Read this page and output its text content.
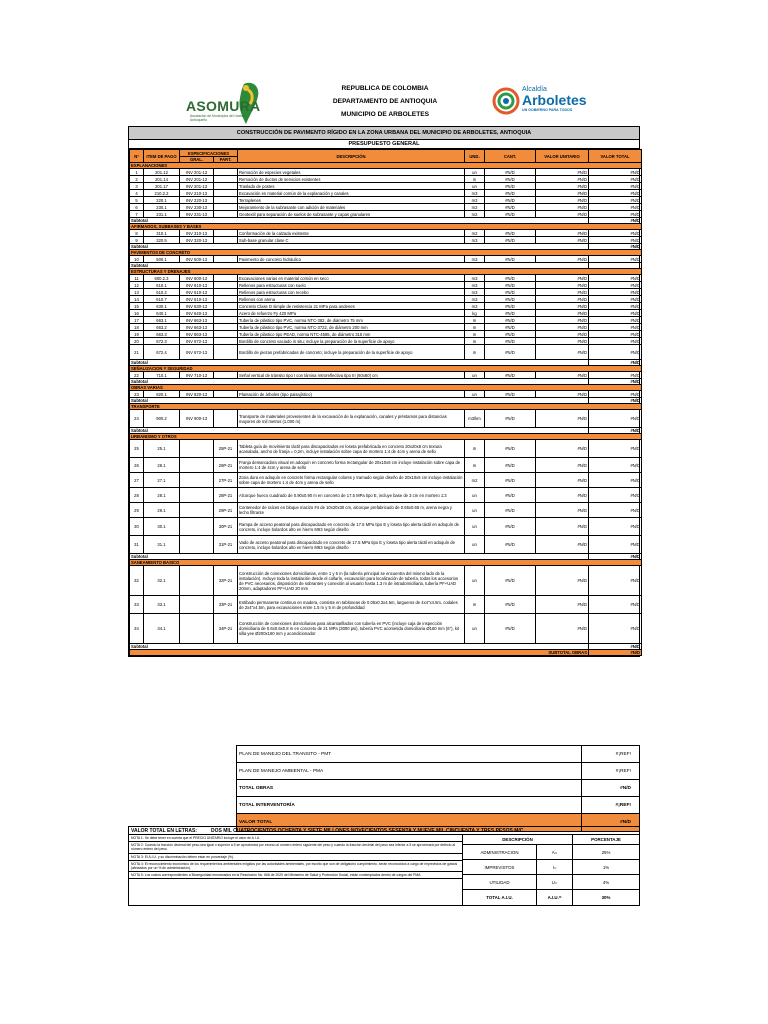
ASOMURA
Asociación de Municipios del Urabá Antioqueño
REPUBLICA DE COLOMBIA
DEPARTAMENTO DE ANTIOQUIA
MUNICIPIO DE ARBOLETES
Alcaldía
Arboletes
UN GOBIERNO PARA TODOS
CONSTRUCCIÓN DE PAVIMENTO RÍGIDO EN LA ZONA URBANA DEL MUNICIPIO DE ARBOLETES, ANTIOQUIA
PRESUPUESTO GENERAL
Nº	ITEM DE PAGO	ESPECIFICACIONES		DESCRIPCIÓN	UND.	CANT.	VALOR UNITARIO	VALOR TOTAL
		GRAL.	PART.					
EXPLANACIONES								
1	201.12	INV 201-13		Remoción de especies vegetales	un	#N/D	#N/D	#N/D
2	201.14	INV 201-13		Remoción de ductos de servicios existentes	m	#N/D	#N/D	#N/D
3	201.17	INV 201-13		Traslado de postes	un	#N/D	#N/D	#N/D
4	210.2.2	INV 210-13		Excavación en material común de la explanación y canales	m3	#N/D	#N/D	#N/D
5	220.1	INV 220-13		Terraplenes	m3	#N/D	#N/D	#N/D
6	230.1	INV 230-13		Mejoramiento de la subrasante con adición de materiales	m2	#N/D	#N/D	#N/D
7	231.1	INV 231-13		Geotextil para separación de suelos de subrasante y capas granulares	m2	#N/D	#N/D	#N/D
Subtotal								#N/D
AFIRMADOS, SUBBASES Y BASES								
8	310.1	INV 310-13		Conformación de la calzada existente	m2	#N/D	#N/D	#N/D
9	320.5	INV 320-13		Sub-base granular clase C	m3	#N/D	#N/D	#N/D
Subtotal								#N/D
PAVIMENTOS DE CONCRETO								
10	500.1	INV 500-13		Pavimento de concreto hidráulico	m3	#N/D	#N/D	#N/D
Subtotal								
ESTRUCTURAS Y DRENAJES								
11	600.2.3	INV 600-13		Excavaciones varias en material común en seco	m3	#N/D	#N/D	#N/D
12	610.1	INV 610-13		Rellenos para estructuras con suelo	m3	#N/D	#N/D	#N/D
13	610.2	INV 610-13		Rellenos para estructuras con recebo	m3	#N/D	#N/D	#N/D
14	610.7	INV 610-13		Rellenos con arena	m3	#N/D	#N/D	#N/D
15	630.1	INV 630-13		Concreto Clase D simple de resistencia 21 MPa para andenes	m3	#N/D	#N/D	#N/D
16	640.1	INV 640-13		Acero de refuerzo Fy 420 MPa	kg	#N/D	#N/D	#N/D
17	663.1	INV 663-13		Tubería de plástico tipo PVC, norma NTC-382, de diámetro 75 mm	m	#N/D	#N/D	#N/D
18	663.2	INV 663-13		Tubería de plástico tipo PVC, norma NTC-3722, de diámetro 200 mm	m	#N/D	#N/D	#N/D
19	663.3	INV 663-13		Tubería de plástico tipo PEAD, norma NTC-4585, de diámetro 315 mm	m	#N/D	#N/D	#N/D
20	672.3	INV 672-13		Bordillo de concreto vaciado in situ; incluye la preparación de la superficie de apoyo	m	#N/D	#N/D	#N/D
21	672.4	INV 672-13		Bordillo de piezas prefabricadas de concreto; incluye la preparación de la superficie de apoyo	m	#N/D	#N/D	#N/D
Subtotal								#N/D
SEÑALIZACION Y SEGURIDAD								
22	710.1	INV 710-13		Señal vertical de tránsito tipo I con lámina retroreflectiva tipo III (60x60) cm	un	#N/D	#N/D	#N/D
Subtotal								#N/D
OBRAS VARIAS								
23	820.1	INV 820-13		Plantación de árboles (tipo paisajístico)	un	#N/D	#N/D	#N/D
Subtotal								#N/D
TRANSPORTE								
24	900.2	INV 900-13		Transporte de materiales provenientes de la excavación de la explanación, canales y préstamos para distancias mayores de mil metros (1.000 m)	m3/km	#N/D	#N/D	#N/D
Subtotal								#N/D
URBANISMO Y OTROS								
25	25.1		25P-21	Tableta guía de movimiento táctil para discapacitados en loseta prefabricada en concreto 20x20x6 cm textura acanalada, ancho de franja = 0,2m, incluye instalación sobre capa de mortero 1:4 de 4cm y arena de sello	m	#N/D	#N/D	#N/D
26	26.1		26P-21	Franja demarcadora visual en adoquín en concreto forma rectangular de 20x10x6 cm incluye instalación sobre capa de mortero 1:4 de 4cm y arena de sello	m	#N/D	#N/D	#N/D
27	27.1		27P-21	Zona dura en adoquín en concreto forma rectangular colores y tramado según diseño de 20x10x6 cm incluye instalación sobre capa de mortero 1:4 de 4cm y arena de sello	m2	#N/D	#N/D	#N/D
28	28.1		28P-21	Alcorque hueco cuadrado de 0.90x0.90 m en concreto de 17.5 MPa tipo E, incluye base de 3 cm en mortero 1:3	un	#N/D	#N/D	#N/D
29	29.1		29P-21	Contenedor de raíces en bloque macizo #4 de 10x20x30 cm, alcorque prefabricado de 0.65x0.65 m, arena negra y lecho filtrante	un	#N/D	#N/D	#N/D
30	30.1		30P-21	Rampa de acceso peatonal para discapacitado en concreto de 17.5 MPa tipo E y loseta tipo alerta táctil en adoquín de concreto, incluye bolardos alto en hierro M63 según diseño	un	#N/D	#N/D	#N/D
31	31.1		31P-21	Vado de acceso peatonal para discapacitado en concreto de 17.5 MPa tipo E y loseta tipo alerta táctil en adoquín de concreto, incluye bolardos alto en hierro M63 según diseño	un	#N/D	#N/D	#N/D
Subtotal								#N/D
SANEAMIENTO BASICO								
32	32.1		32P-21	Construcción de conexiones domiciliarias, entre 1 y 6 m (la tubería principal se encuentra del mismo lado de la instalación). Incluye toda la instalación desde el collarín, excavación para localización de tubería, todos los accesorios de PVC necesarios, disposición de sobrantes y conexión al usuario hasta 1.3 m de intradomiciliaria, tubería PF+UAD 20mm, adaptadores PF+UAD 20 mm	un	#N/D	#N/D	#N/D
33	33.1		33P-21	Entibado permanente continuo en madera, consiste en tabloneas de 0.05x0.3x4.5m, largueros de 4x4"x4.5m, codales de 2x4"x4.5m, para excavaciones entre 1.5 m y 5 m de profundidad	m	#N/D	#N/D	#N/D
34	34.1		34P-21	Construcción de conexiones domiciliarias para alcantarillados con tubería en PVC (incluye caja de inspección domiciliaria de 0.6x0.6x0.8 m en concreto de 21 MPa (3000 psi), tubería PVC acometida domiciliaria Ø160 mm (6"), kit silla yee Ø200x160 mm y acondicionador	un	#N/D	#N/D	#N/D
Subtotal								#N/D
SUBTOTAL OBRAS								#N/D
PLAN DE MANEJO DEL TRANSITO - PMT	#¡REF!
PLAN DE MANEJO AMBIENTAL - PMA	#¡REF!
TOTAL OBRAS	#N/D
TOTAL INTERVENTORÍA	#¡REF!
VALOR TOTAL	#N/D
VALOR TOTAL EN LETRAS:	DOS MIL CUATROCIENTOS OCHENTA Y SIETE MILLONES NOVECIENTOS SESENTA Y NUEVE MIL CINCUENTA Y TRES PESOS M/C
NOTA 1: Se debe tener en cuenta que el PRECIO UNITARIO incluye el valor de A.I.U.
NOTA 2: Cuando la fracción decimal del peso sea igual o superior a 5 se aproximará por exceso al número entero siguiente del peso y cuando la fracción decimal del peso sea inferior a 5 se aproximará por defecto al número entero del peso.
NOTA 3: El A.I.U. y su discriminación deben estar en porcentaje (%).
NOTA 4: El reconocimiento económico de los requerimientos ambientales exigidos por las autoridades ambientales, por escrito que son de obligatorio cumplimiento, serán reconocidos a cargo de imprevistos de gastos (afectados por un % de administración).
NOTA 5: Los costos correspondientes a Bioseguridad enmarcados en la Resolución No. 666 de 2020 del Ministerio de Salud y Protección Social, están contemplados dentro de cargos del PMA.
DESCRIPCIÓN	PORCENTAJE
ADMINISTRACION	A=	25%
IMPREVISTOS	I=	1%
UTILIDAD	U=	4%
TOTAL A.I.U.	A.I.U.=	30%
